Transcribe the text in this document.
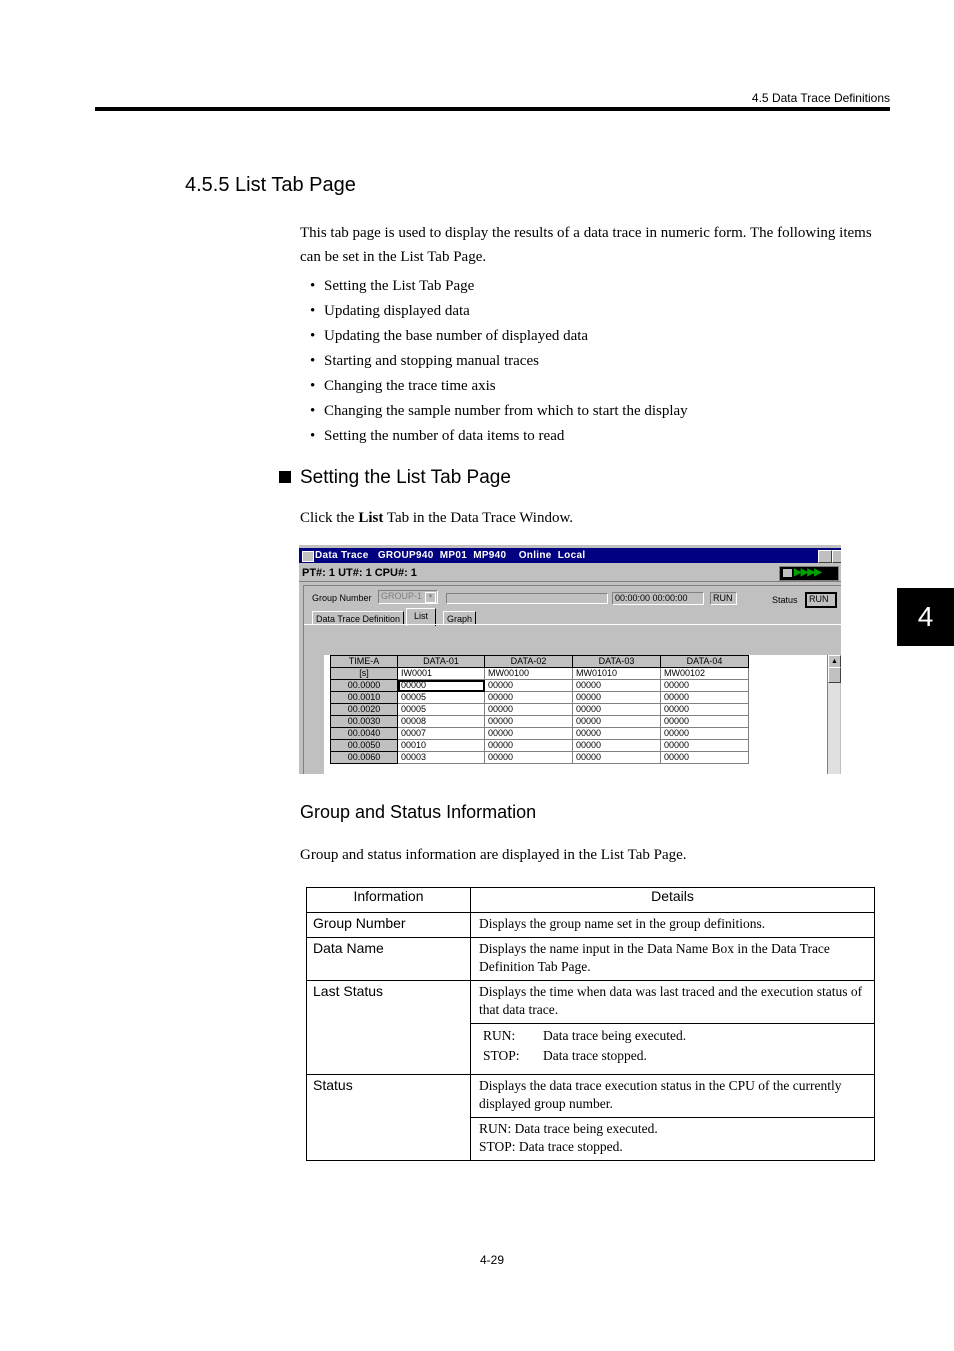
4.5 Data Trace Definitions
4
4.5.5 List Tab Page
This tab page is used to display the results of a data trace in numeric form. The following items can be set in the List Tab Page.
• Setting the List Tab Page
• Updating displayed data
• Updating the base number of displayed data
• Starting and stopping manual traces
• Changing the trace time axis
• Changing the sample number from which to start the display
• Setting the number of data items to read
Setting the List Tab Page
Click the List Tab in the Data Trace Window.
Data Trace   GROUP940  MP01  MP940    Online  Local
PT#: 1 UT#: 1 CPU#: 1	▶▶▶▶
Group Number	GROUP-1 ▼	00:00:00 00:00:00	RUN	Status	RUN
Data Trace Definition	List	Graph
TIME-A	DATA-01	DATA-02	DATA-03	DATA-04
[s]	IW0001	MW00100	MW01010	MW00102
00.0000	00000	00000	00000	00000
00.0010	00005	00000	00000	00000
00.0020	00005	00000	00000	00000
00.0030	00008	00000	00000	00000
00.0040	00007	00000	00000	00000
00.0050	00010	00000	00000	00000
00.0060	00003	00000	00000	00000
▲
Group and Status Information
Group and status information are displayed in the List Tab Page.
Information	Details
Group Number	Displays the group name set in the group definitions.
Data Name	Displays the name input in the Data Name Box in the Data Trace Definition Tab Page.
Last Status	Displays the time when data was last traced and the execution status of that data trace.

	RUN: Data trace being executed.
STOP: Data trace stopped.

Status	Displays the data trace execution status in the CPU of the currently displayed group number.

	RUN: Data trace being executed.
STOP: Data trace stopped.
4-29
